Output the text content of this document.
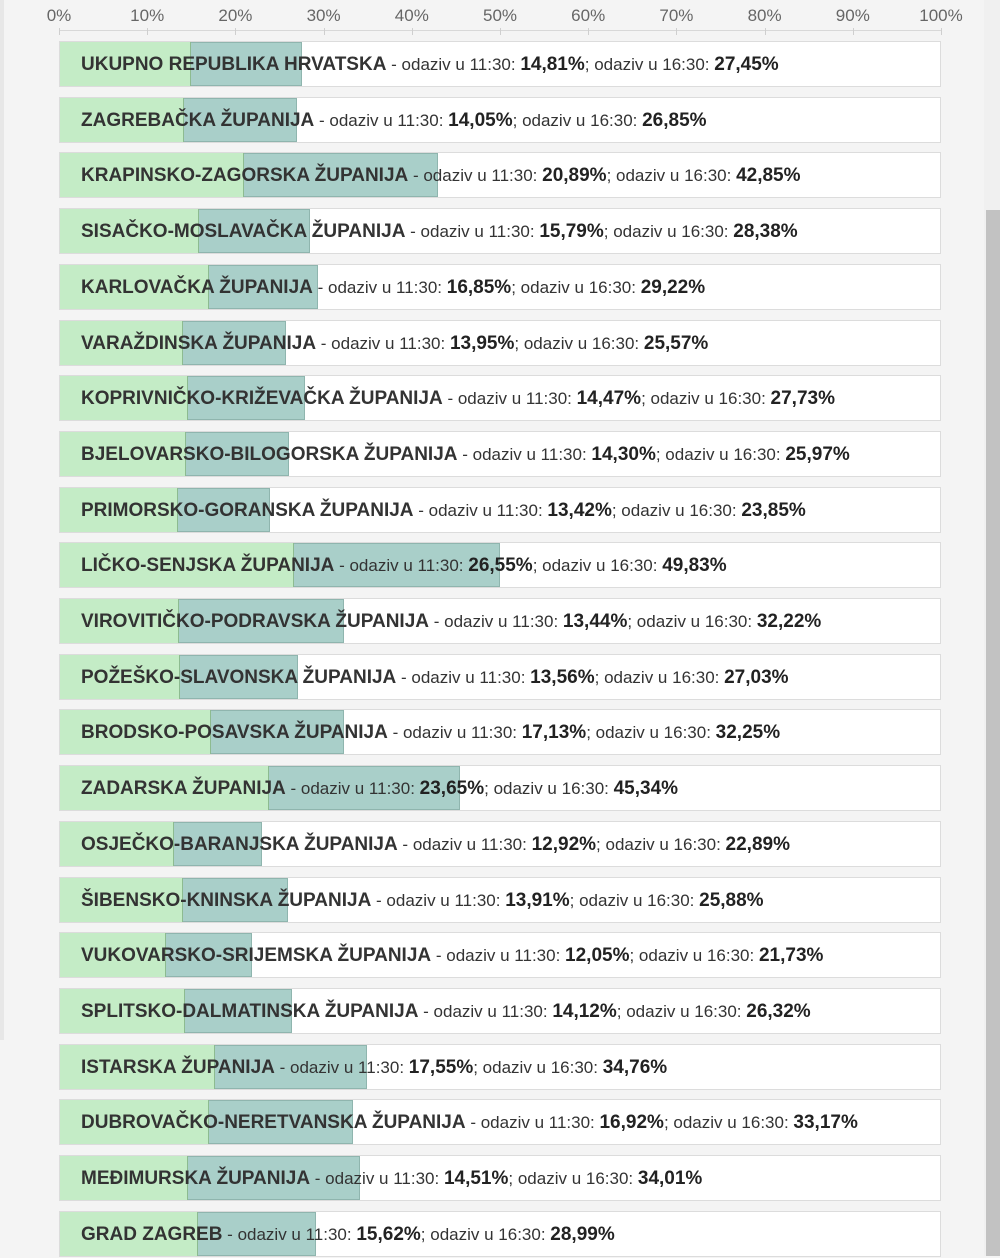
0%	10%	20%	30%	40%	50%	60%	70%	80%	90%	100%
UKUPNO REPUBLIKA HRVATSKA - odaziv u 11:30: 14,81%; odaziv u 16:30: 27,45%
ZAGREBAČKA ŽUPANIJA - odaziv u 11:30: 14,05%; odaziv u 16:30: 26,85%
KRAPINSKO-ZAGORSKA ŽUPANIJA - odaziv u 11:30: 20,89%; odaziv u 16:30: 42,85%
SISAČKO-MOSLAVAČKA ŽUPANIJA - odaziv u 11:30: 15,79%; odaziv u 16:30: 28,38%
KARLOVAČKA ŽUPANIJA - odaziv u 11:30: 16,85%; odaziv u 16:30: 29,22%
VARAŽDINSKA ŽUPANIJA - odaziv u 11:30: 13,95%; odaziv u 16:30: 25,57%
KOPRIVNIČKO-KRIŽEVAČKA ŽUPANIJA - odaziv u 11:30: 14,47%; odaziv u 16:30: 27,73%
BJELOVARSKO-BILOGORSKA ŽUPANIJA - odaziv u 11:30: 14,30%; odaziv u 16:30: 25,97%
PRIMORSKO-GORANSKA ŽUPANIJA - odaziv u 11:30: 13,42%; odaziv u 16:30: 23,85%
LIČKO-SENJSKA ŽUPANIJA - odaziv u 11:30: 26,55%; odaziv u 16:30: 49,83%
VIROVITIČKO-PODRAVSKA ŽUPANIJA - odaziv u 11:30: 13,44%; odaziv u 16:30: 32,22%
POŽEŠKO-SLAVONSKA ŽUPANIJA - odaziv u 11:30: 13,56%; odaziv u 16:30: 27,03%
BRODSKO-POSAVSKA ŽUPANIJA - odaziv u 11:30: 17,13%; odaziv u 16:30: 32,25%
ZADARSKA ŽUPANIJA - odaziv u 11:30: 23,65%; odaziv u 16:30: 45,34%
OSJEČKO-BARANJSKA ŽUPANIJA - odaziv u 11:30: 12,92%; odaziv u 16:30: 22,89%
ŠIBENSKO-KNINSKA ŽUPANIJA - odaziv u 11:30: 13,91%; odaziv u 16:30: 25,88%
VUKOVARSKO-SRIJEMSKA ŽUPANIJA - odaziv u 11:30: 12,05%; odaziv u 16:30: 21,73%
SPLITSKO-DALMATINSKA ŽUPANIJA - odaziv u 11:30: 14,12%; odaziv u 16:30: 26,32%
ISTARSKA ŽUPANIJA - odaziv u 11:30: 17,55%; odaziv u 16:30: 34,76%
DUBROVAČKO-NERETVANSKA ŽUPANIJA - odaziv u 11:30: 16,92%; odaziv u 16:30: 33,17%
MEĐIMURSKA ŽUPANIJA - odaziv u 11:30: 14,51%; odaziv u 16:30: 34,01%
GRAD ZAGREB - odaziv u 11:30: 15,62%; odaziv u 16:30: 28,99%
